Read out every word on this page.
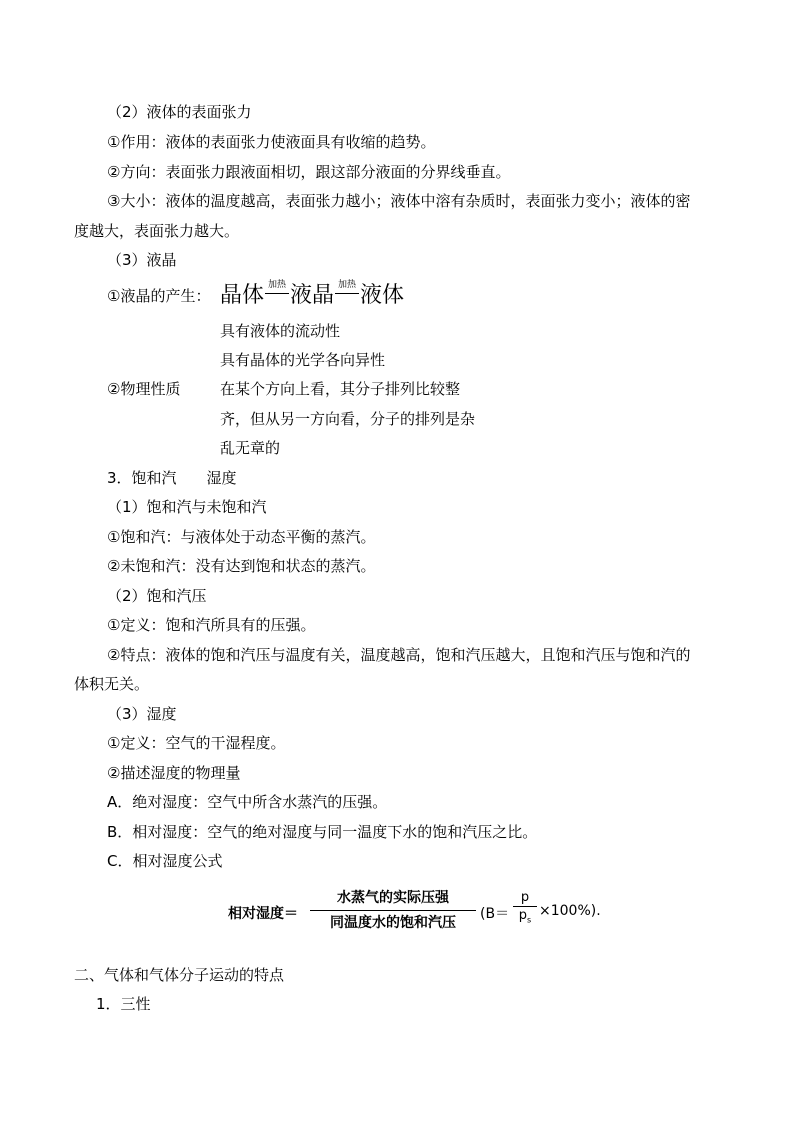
（2）液体的表面张力
①作用：液体的表面张力使液面具有收缩的趋势。
②方向：表面张力跟液面相切，跟这部分液面的分界线垂直。
③大小：液体的温度越高，表面张力越小；液体中溶有杂质时，表面张力变小；液体的密
度越大，表面张力越大。
（3）液晶
①液晶的产生： 晶体 加热 液晶 加热 液体
具有液体的流动性
具有晶体的光学各向异性
②物理性质	在某个方向上看，其分子排列比较整
齐，但从另一方向看，分子的排列是杂
乱无章的
3．饱和汽　　湿度
（1）饱和汽与未饱和汽
①饱和汽：与液体处于动态平衡的蒸汽。
②未饱和汽：没有达到饱和状态的蒸汽。
（2）饱和汽压
①定义：饱和汽所具有的压强。
②特点：液体的饱和汽压与温度有关，温度越高，饱和汽压越大，且饱和汽压与饱和汽的
体积无关。
（3）湿度
①定义：空气的干湿程度。
②描述湿度的物理量
A．绝对湿度：空气中所含水蒸汽的压强。
B．相对湿度：空气的绝对湿度与同一温度下水的饱和汽压之比。
C．相对湿度公式
相对湿度＝
水蒸气的实际压强
同温度水的饱和汽压
(B＝
p
$p_s$
×100%).
二、气体和气体分子运动的特点
1．三性
